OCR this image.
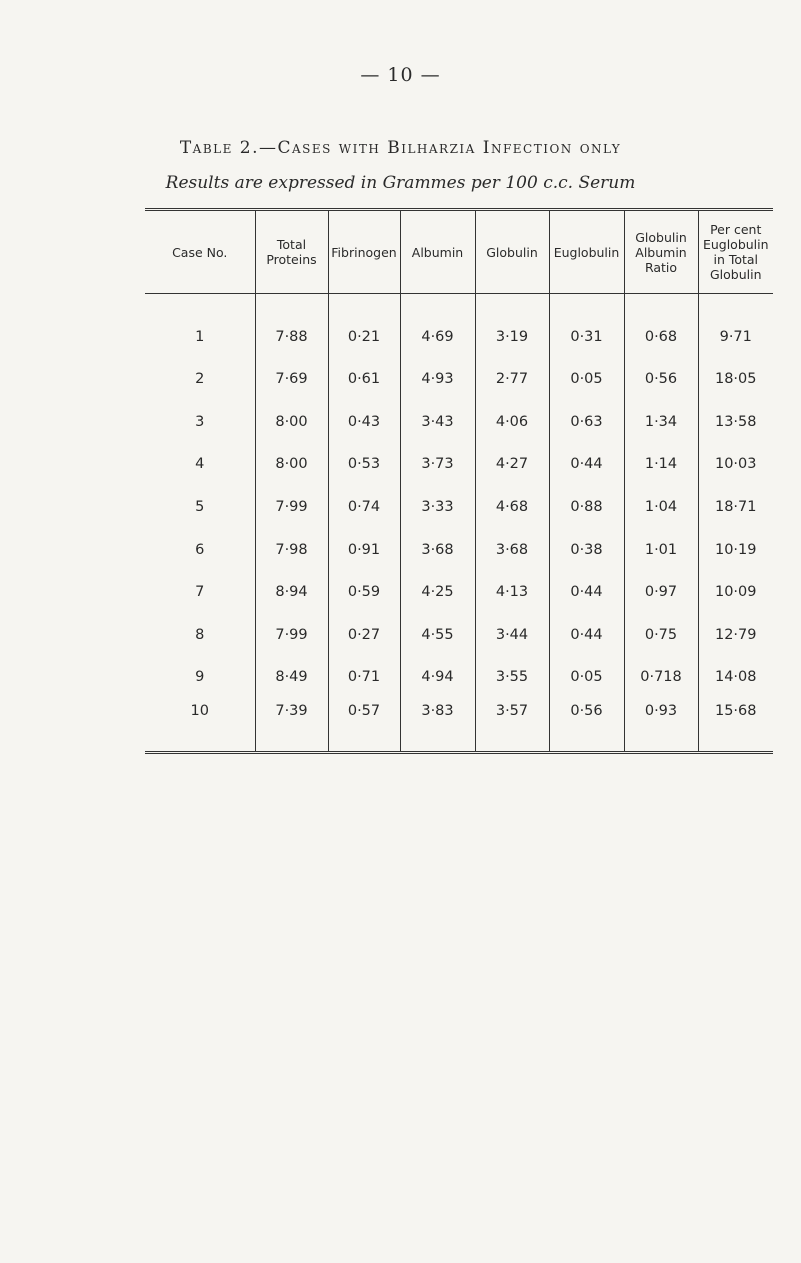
— 10 —
Table 2.—Cases with Bilharzia Infection only
Results are expressed in Grammes per 100 c.c. Serum
Case No.	Total Proteins	Fibrinogen	Albumin	Globulin	Euglobulin	Globulin Albumin Ratio	Per cent Euglobulin in Total Globulin
1	7·88	0·21	4·69	3·19	0·31	0·68	9·71
2	7·69	0·61	4·93	2·77	0·05	0·56	18·05
3	8·00	0·43	3·43	4·06	0·63	1·34	13·58
4	8·00	0·53	3·73	4·27	0·44	1·14	10·03
5	7·99	0·74	3·33	4·68	0·88	1·04	18·71
6	7·98	0·91	3·68	3·68	0·38	1·01	10·19
7	8·94	0·59	4·25	4·13	0·44	0·97	10·09
8	7·99	0·27	4·55	3·44	0·44	0·75	12·79
9	8·49	0·71	4·94	3·55	0·05	0·718	14·08
10	7·39	0·57	3·83	3·57	0·56	0·93	15·68
